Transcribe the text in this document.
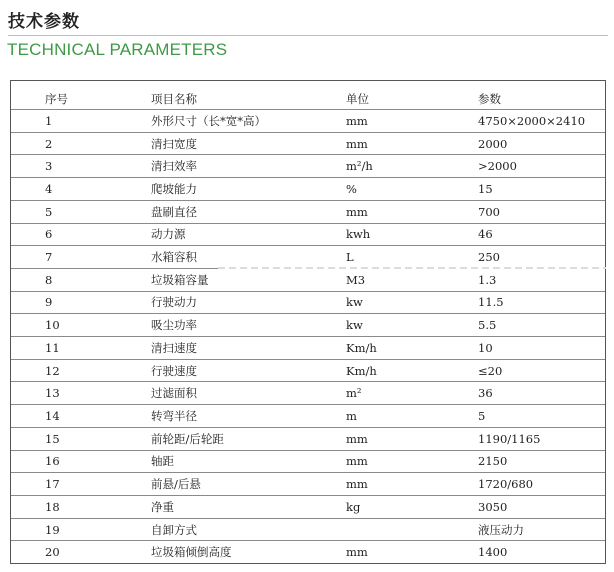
技术参数
TECHNICAL PARAMETERS
序号	项目名称	单位	参数
1	外形尺寸（长*宽*高）	mm	4750×2000×2410
2	清扫宽度	mm	2000
3	清扫效率	m²/h	>2000
4	爬坡能力	%	15
5	盘刷直径	mm	700
6	动力源	kwh	46
7	水箱容积	L	250
8	垃圾箱容量	M3	1.3
9	行驶动力	kw	11.5
10	吸尘功率	kw	5.5
11	清扫速度	Km/h	10
12	行驶速度	Km/h	≤20
13	过滤面积	m²	36
14	转弯半径	m	5
15	前轮距/后轮距	mm	1190/1165
16	轴距	mm	2150
17	前悬/后悬	mm	1720/680
18	净重	kg	3050
19	自卸方式		液压动力
20	垃圾箱倾倒高度	mm	1400
